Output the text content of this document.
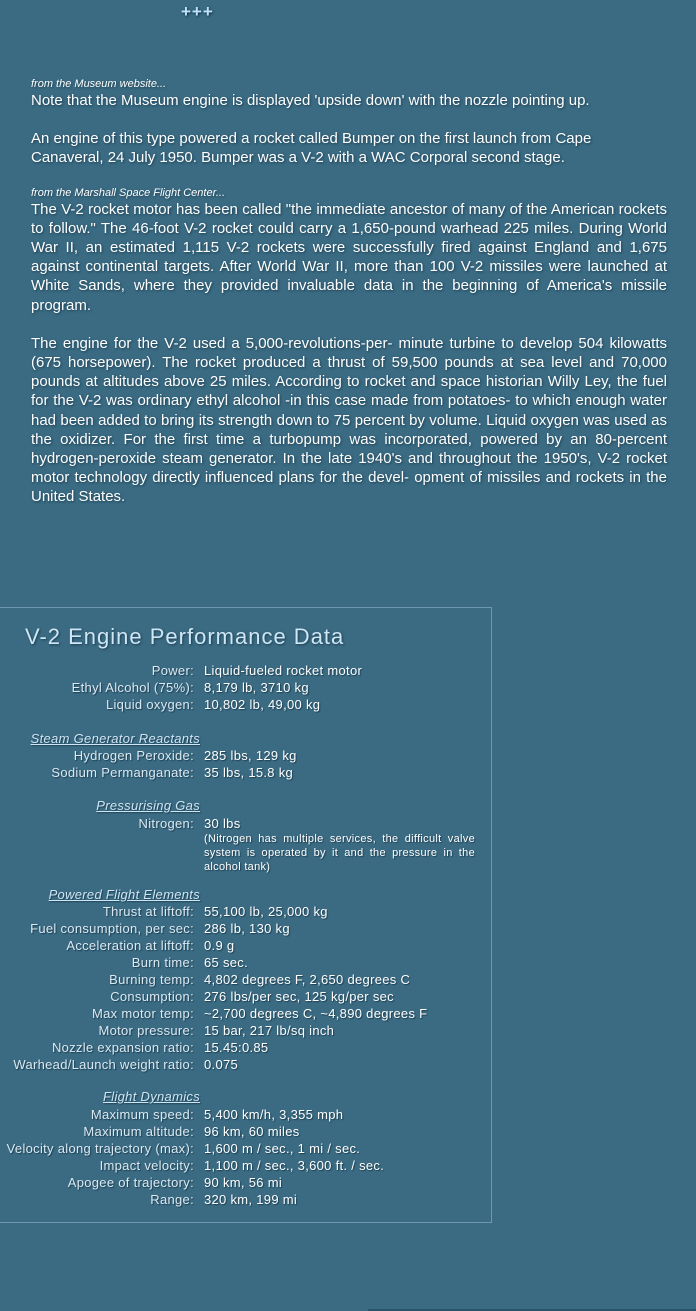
+++
from the Museum website...

Note that the Museum engine is displayed 'upside down' with the nozzle pointing up.

An engine of this type powered a rocket called Bumper on the first launch from Cape Canaveral, 24 July 1950. Bumper was a V-2 with a WAC Corporal second stage.

from the Marshall Space Flight Center...

The V-2 rocket motor has been called "the immediate ancestor of many of the American rockets to follow." The 46-foot V-2 rocket could carry a 1,650-pound warhead 225 miles. During World War II, an estimated 1,115 V-2 rockets were successfully fired against England and 1,675 against continental targets. After World War II, more than 100 V-2 missiles were launched at White Sands, where they provided invaluable data in the beginning of America's missile program.

The engine for the V-2 used a 5,000-revolutions-per- minute turbine to develop 504 kilowatts (675 horsepower). The rocket produced a thrust of 59,500 pounds at sea level and 70,000 pounds at altitudes above 25 miles. According to rocket and space historian Willy Ley, the fuel for the V-2 was ordinary ethyl alcohol -in this case made from potatoes- to which enough water had been added to bring its strength down to 75 percent by volume. Liquid oxygen was used as the oxidizer. For the first time a turbopump was incorporated, powered by an 80-percent hydrogen-peroxide steam generator. In the late 1940's and throughout the 1950's, V-2 rocket motor technology directly influenced plans for the devel- opment of missiles and rockets in the United States.

V-2 Engine Performance Data
Steam Generator Reactants
Pressurising Gas
Powered Flight Elements
Flight Dynamics
(Nitrogen has multiple services, the difficult valve system is operated by it and the pressure in the alcohol tank)
Power: Liquid-fueled rocket motor
Ethyl Alcohol (75%): 8,179 lb, 3710 kg
Liquid oxygen: 10,802 lb, 49,00 kg
Hydrogen Peroxide: 285 lbs, 129 kg
Sodium Permanganate: 35 lbs, 15.8 kg
Nitrogen: 30 lbs
Thrust at liftoff: 55,100 lb, 25,000 kg
Fuel consumption, per sec: 286 lb, 130 kg
Acceleration at liftoff: 0.9 g
Burn time: 65 sec.
Burning temp: 4,802 degrees F, 2,650 degrees C
Consumption: 276 lbs/per sec, 125 kg/per sec
Max motor temp: ~2,700 degrees C, ~4,890 degrees F
Motor pressure: 15 bar, 217 lb/sq inch
Nozzle expansion ratio: 15.45:0.85
Warhead/Launch weight ratio: 0.075
Maximum speed: 5,400 km/h, 3,355 mph
Maximum altitude: 96 km, 60 miles
Velocity along trajectory (max): 1,600 m / sec., 1 mi / sec.
Impact velocity: 1,100 m / sec., 3,600 ft. / sec.
Apogee of trajectory: 90 km, 56 mi
Range: 320 km, 199 mi
